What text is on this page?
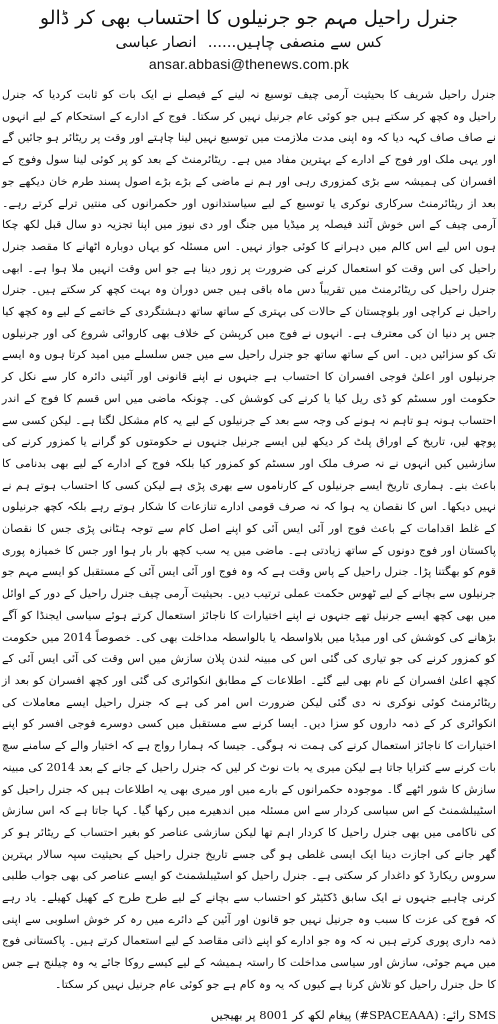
جنرل راحیل مہم جو جرنیلوں کا احتساب بھی کر ڈالو
کس سے منصفی چاہیں...... انصار عباسی
ansar.abbasi@thenews.com.pk

جنرل راحیل شریف کا بحیثیت آرمی چیف توسیع نہ لینے کے فیصلے نے ایک بات کو ثابت کردیا کہ جنرل راحیل وہ کچھ کر سکتے ہیں جو کوئی عام جرنیل نہیں کر سکتا۔ فوج کے ادارے کے استحکام کے لیے انہوں نے صاف صاف کہہ دیا کہ وہ اپنی مدت ملازمت میں توسیع نہیں لینا چاہتے اور وقت پر ریٹائر ہو جائیں گے اور یہی ملک اور فوج کے ادارے کے بہترین مفاد میں ہے۔ ریٹائرمنٹ کے بعد کو پر کوئی لینا سول وفوج کے افسران کی ہمیشہ سے بڑی کمزوری رہی اور ہم نے ماضی کے بڑے بڑے اصول پسند طرم خان دیکھے جو بعد از ریٹائرمنٹ سرکاری نوکری یا توسیع کے لیے سیاستدانوں اور حکمرانوں کی منتیں ترلے کرتے رہے۔ آرمی چیف کے اس خوش آئند فیصلہ پر میڈیا میں جنگ اور دی نیوز میں اپنا تجزیہ دو سال قبل لکھ چکا ہوں اس لیے اس کالم میں دہرانے کا کوئی جواز نہیں۔ اس مسئلہ کو یہاں دوبارہ اٹھانے کا مقصد جنرل راحیل کی اس وقت کو استعمال کرنے کی ضرورت پر زور دینا ہے جو اس وقت انہیں ملا ہوا ہے۔ ابھی جنرل راحیل کی ریٹائرمنٹ میں تقریباً دس ماہ باقی ہیں جس دوران وہ بہت کچھ کر سکتے ہیں۔ جنرل راحیل نے کراچی اور بلوچستان کے حالات کی بہتری کے ساتھ ساتھ دہشتگردی کے خاتمے کے لیے وہ کچھ کیا جس پر دنیا ان کی معترف ہے۔ انہوں نے فوج میں کرپشن کے خلاف بھی کاروائی شروع کی اور جرنیلوں تک کو سزائیں دیں۔ اس کے ساتھ ساتھ جو جنرل راحیل سے میں جس سلسلے میں امید کرتا ہوں وہ ایسے جرنیلوں اور اعلیٰ فوجی افسران کا احتساب ہے جنہوں نے اپنے قانونی اور آئینی دائرہ کار سے نکل کر حکومت اور سسٹم کو ڈی ریل کیا یا کرنے کی کوشش کی۔ چونکہ ماضی میں اس قسم کا فوج کے اندر احتساب ہونہ ہو تاہم نہ ہونے کی وجہ سے بعد کے جرنیلوں کے لیے یہ کام مشکل لگتا ہے۔ لیکن کسی سے پوچھ لیں، تاریخ کے اوراق پلٹ کر دیکھ لیں ایسے جرنیل جنہوں نے حکومتوں کو گرانے یا کمزور کرنے کی سازشیں کیں انہوں نے نہ صرف ملک اور سسٹم کو کمزور کیا بلکہ فوج کے ادارے کے لیے بھی بدنامی کا باعث بنے۔ ہماری تاریخ ایسے جرنیلوں کے کارناموں سے بھری پڑی ہے لیکن کسی کا احتساب ہوتے ہم نے نہیں دیکھا۔ اس کا نقصان یہ ہوا کہ نہ صرف قومی ادارے تنازعات کا شکار ہوتے رہے بلکہ کچھ جرنیلوں کے غلط اقدامات کے باعث فوج اور آئی ایس آئی کو اپنے اصل کام سے توجہ ہٹانی پڑی جس کا نقصان پاکستان اور فوج دونوں کے ساتھ زیادتی ہے۔ ماضی میں یہ سب کچھ بار بار ہوا اور جس کا خمیازہ پوری قوم کو بھگتنا پڑا۔ جنرل راحیل کے پاس وقت ہے کہ وہ فوج اور آئی ایس آئی کے مستقبل کو ایسے مہم جو جرنیلوں سے بچانے کے لیے ٹھوس حکمت عملی ترتیب دیں۔ بحیثیت آرمی چیف جنرل راحیل کے دور کے اوائل میں بھی کچھ ایسے جرنیل تھے جنہوں نے اپنے اختیارات کا ناجائز استعمال کرتے ہوئے سیاسی ایجنڈا کو آگے بڑھانے کی کوشش کی اور میڈیا میں بلاواسطہ یا بالواسطہ مداخلت بھی کی۔ خصوصاً 2014 میں حکومت کو کمزور کرنے کی جو تیاری کی گئی اس کی مبینہ لندن پلان سازش میں اس وقت کی آئی ایس آئی کے کچھ اعلیٰ افسران کے نام بھی لیے گئے۔ اطلاعات کے مطابق انکوائری کی گئی اور کچھ افسران کو بعد از ریٹائرمنٹ کوئی نوکری نہ دی گئی لیکن ضرورت اس امر کی ہے کہ جنرل راحیل ایسے معاملات کی انکوائری کر کے ذمہ داروں کو سزا دیں۔ ایسا کرنے سے مستقبل میں کسی دوسرے فوجی افسر کو اپنے اختیارات کا ناجائز استعمال کرنے کی ہمت نہ ہوگی۔ جیسا کہ ہمارا رواج ہے کہ اختیار والے کے سامنے سچ بات کرنے سے کترایا جاتا ہے لیکن میری یہ بات نوٹ کر لیں کہ جنرل راحیل کے جانے کے بعد 2014 کی مبینہ سازش کا شور اٹھے گا۔ موجودہ حکمرانوں کے بارے میں اور میری بھی یہ اطلاعات ہیں کہ جنرل راحیل کو اسٹیبلشمنٹ کے اس سیاسی کردار سے اس مسئلہ میں اندھیرے میں رکھا گیا۔ کہا جاتا ہے کہ اس سازش کی ناکامی میں بھی جنرل راحیل کا کردار اہم تھا لیکن سازشی عناصر کو بغیر احتساب کے ریٹائر ہو کر گھر جانے کی اجازت دینا ایک ایسی غلطی ہو گی جسے تاریخ جنرل راحیل کے بحیثیت سپہ سالار بہترین سروس ریکارڈ کو داغدار کر سکتی ہے۔ جنرل راحیل کو اسٹیبلشمنٹ کو ایسے عناصر کی بھی جواب طلبی کرنی چاہیے جنہوں نے ایک سابق ڈکٹیٹر کو احتساب سے بچانے کے لیے طرح طرح کے کھیل کھیلے۔ یاد رہے کہ فوج کی عزت کا سبب وہ جرنیل نہیں جو قانون اور آئین کے دائرے میں رہ کر خوش اسلوبی سے اپنی ذمہ داری پوری کرتے ہیں نہ کہ وہ جو ادارے کو اپنے ذاتی مقاصد کے لیے استعمال کرتے ہیں۔ پاکستانی فوج میں مہم جوئی، سازش اور سیاسی مداخلت کا راستہ ہمیشہ کے لیے کیسے روکا جائے یہ وہ چیلنج ہے جس کا حل جنرل راحیل کو تلاش کرنا ہے کیوں کہ یہ وہ کام ہے جو کوئی عام جرنیل نہیں کر سکتا۔

SMS رائے: (SPACEAAA#) پیغام لکھ کر 8001 پر بھیجیں
